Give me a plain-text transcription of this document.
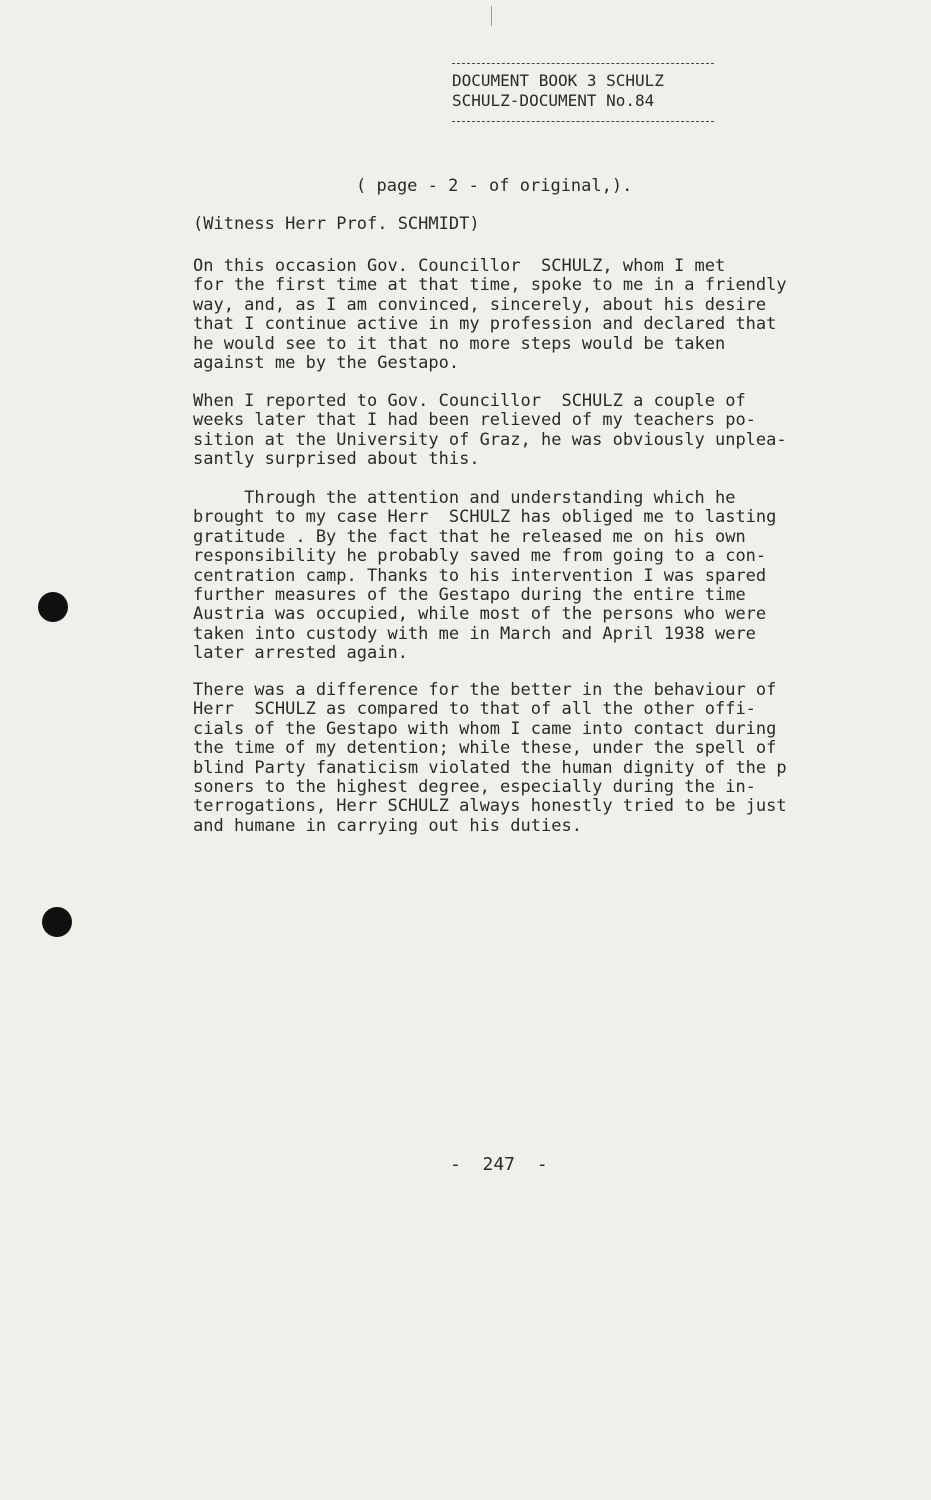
DOCUMENT BOOK 3 SCHULZ
SCHULZ-DOCUMENT No.84
( page - 2 - of original,).
(Witness Herr Prof. SCHMIDT)
On this occasion Gov. Councillor  SCHULZ, whom I met
for the first time at that time, spoke to me in a friendly
way, and, as I am convinced, sincerely, about his desire
that I continue active in my profession and declared that
he would see to it that no more steps would be taken
against me by the Gestapo.
When I reported to Gov. Councillor  SCHULZ a couple of
weeks later that I had been relieved of my teachers po-
sition at the University of Graz, he was obviously unplea-
santly surprised about this.
Through the attention and understanding which he
brought to my case Herr  SCHULZ has obliged me to lasting
gratitude . By the fact that he released me on his own
responsibility he probably saved me from going to a con-
centration camp. Thanks to his intervention I was spared
further measures of the Gestapo during the entire time
Austria was occupied, while most of the persons who were
taken into custody with me in March and April 1938 were
later arrested again.
There was a difference for the better in the behaviour of
Herr  SCHULZ as compared to that of all the other offi-
cials of the Gestapo with whom I came into contact during
the time of my detention; while these, under the spell of
blind Party fanaticism violated the human dignity of the p
soners to the highest degree, especially during the in-
terrogations, Herr SCHULZ always honestly tried to be just
and humane in carrying out his duties.
-  247  -
